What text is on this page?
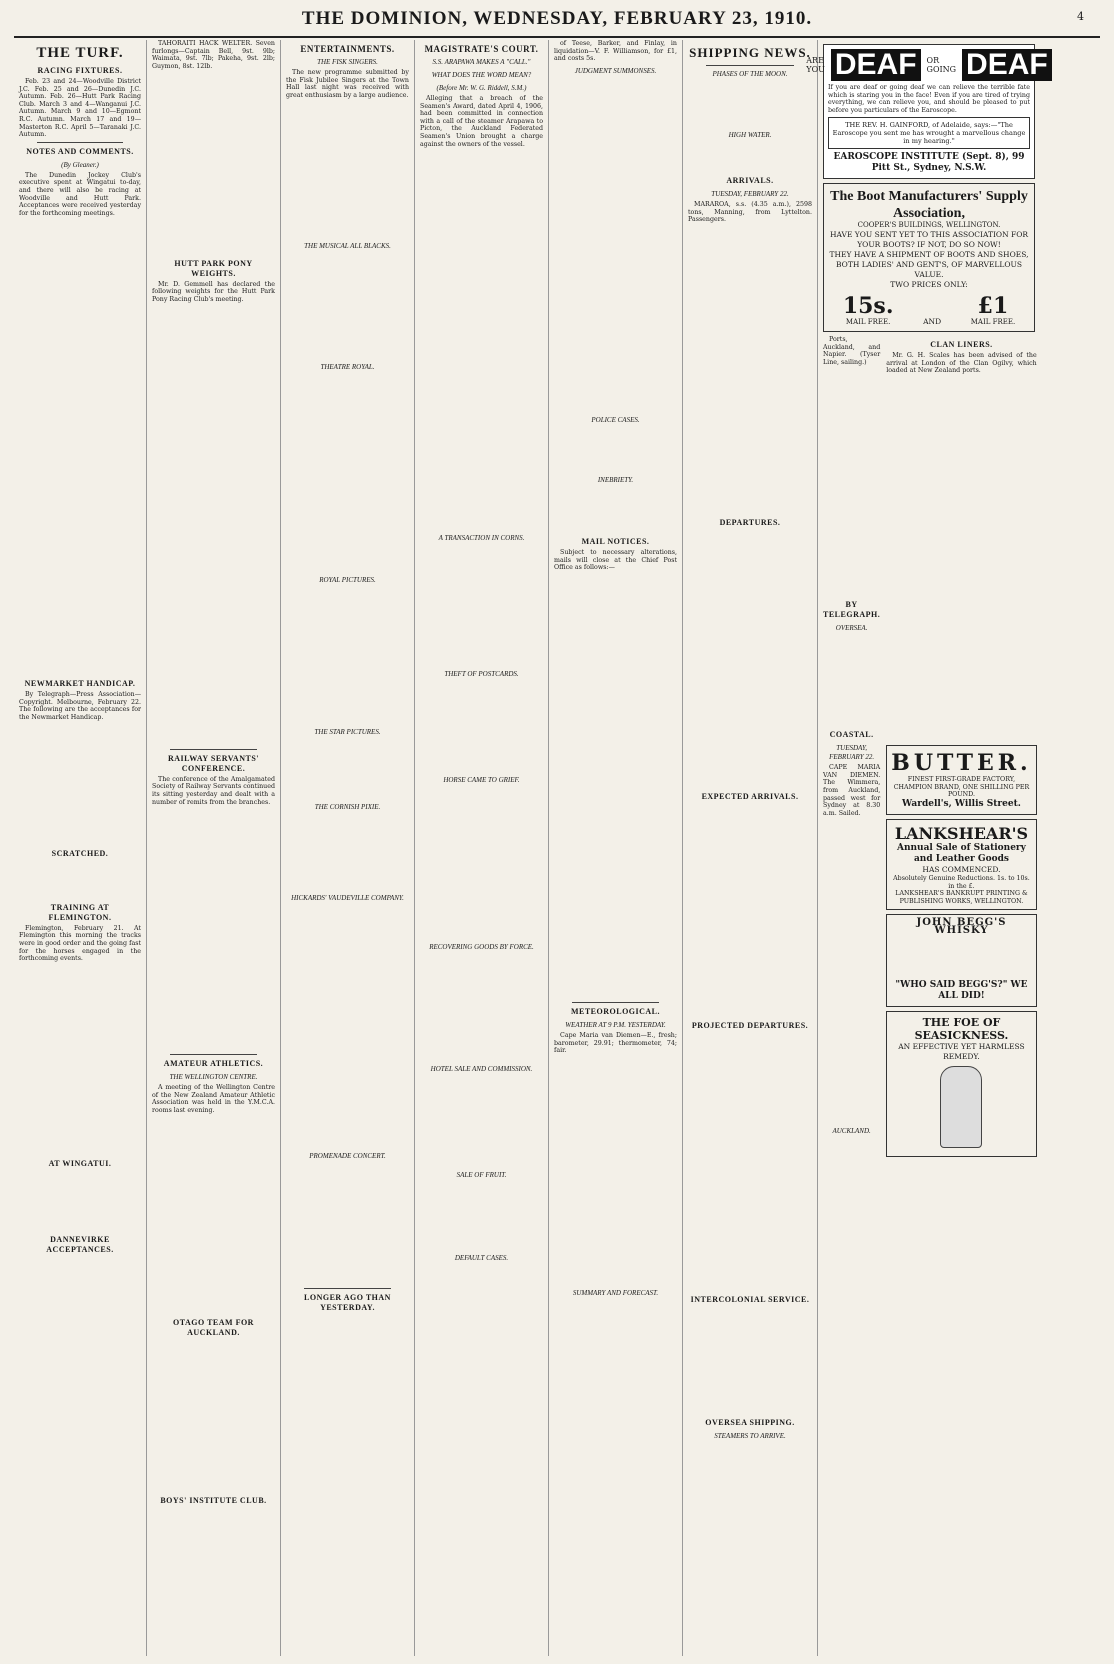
THE DOMINION, WEDNESDAY, FEBRUARY 23, 1910.	4
THE TURF.
RACING FIXTURES.

Feb. 23 and 24—Woodville District J.C. Feb. 25 and 26—Dunedin J.C. Autumn. Feb. 26—Hutt Park Racing Club. March 3 and 4—Wanganui J.C. Autumn. March 9 and 10—Egmont R.C. Autumn. March 17 and 19—Masterton R.C. April 5—Taranaki J.C. Autumn.

NOTES AND COMMENTS.
(By Gleaner.)

The Dunedin Jockey Club's executive spent at Wingatui to-day, and there will also be racing at Woodville and Hutt Park. Acceptances were received yesterday for the forthcoming meetings.

NEWMARKET HANDICAP.

By Telegraph—Press Association—Copyright. Melbourne, February 22. The following are the acceptances for the Newmarket Handicap.

SCRATCHED.
TRAINING AT FLEMINGTON.

Flemington, February 21. At Flemington this morning the tracks were in good order and the going fast for the horses engaged in the forthcoming events.

AT WINGATUI.
DANNEVIRKE ACCEPTANCES.

TAHORAITI HACK WELTER. Seven furlongs—Captain Bell, 9st. 9lb; Waimata, 9st. 7lb; Pakeha, 9st. 2lb; Guymon, 8st. 12lb.

HUTT PARK PONY WEIGHTS.

Mr. D. Gemmell has declared the following weights for the Hutt Park Pony Racing Club's meeting.

RAILWAY SERVANTS' CONFERENCE.

The conference of the Amalgamated Society of Railway Servants continued its sitting yesterday and dealt with a number of remits from the branches.

AMATEUR ATHLETICS.
THE WELLINGTON CENTRE.

A meeting of the Wellington Centre of the New Zealand Amateur Athletic Association was held in the Y.M.C.A. rooms last evening.

OTAGO TEAM FOR AUCKLAND.
BOYS' INSTITUTE CLUB.
ENTERTAINMENTS.
THE FISK SINGERS.

The new programme submitted by the Fisk Jubilee Singers at the Town Hall last night was received with great enthusiasm by a large audience.

THE MUSICAL ALL BLACKS.
THEATRE ROYAL.
ROYAL PICTURES.
THE STAR PICTURES.
THE CORNISH PIXIE.
HICKARDS' VAUDEVILLE COMPANY.
PROMENADE CONCERT.
LONGER AGO THAN YESTERDAY.
MAGISTRATE'S COURT.
S.S. ARAPAWA MAKES A "CALL."
WHAT DOES THE WORD MEAN?
(Before Mr. W. G. Riddell, S.M.)

Alleging that a breach of the Seamen's Award, dated April 4, 1906, had been committed in connection with a call of the steamer Arapawa to Picton, the Auckland Federated Seamen's Union brought a charge against the owners of the vessel.

A TRANSACTION IN CORNS.
THEFT OF POSTCARDS.
HORSE CAME TO GRIEF.
RECOVERING GOODS BY FORCE.
HOTEL SALE AND COMMISSION.
SALE OF FRUIT.
DEFAULT CASES.

of Teese, Barker, and Finlay, in liquidation—V. F. Williamson, for £1, and costs 5s.

JUDGMENT SUMMONSES.
POLICE CASES.
INEBRIETY.
MAIL NOTICES.

Subject to necessary alterations, mails will close at the Chief Post Office as follows:—

METEOROLOGICAL.
WEATHER AT 9 P.M. YESTERDAY.

Cape Maria van Diemen—E., fresh; barometer, 29.91; thermometer, 74; fair.

SUMMARY AND FORECAST.
SHIPPING NEWS.
PHASES OF THE MOON.
HIGH WATER.
ARRIVALS.
TUESDAY, FEBRUARY 22.

MARAROA, s.s. (4.35 a.m.), 2598 tons, Manning, from Lyttelton. Passengers.

DEPARTURES.
EXPECTED ARRIVALS.
PROJECTED DEPARTURES.
INTERCOLONIAL SERVICE.
OVERSEA SHIPPING.
STEAMERS TO ARRIVE.
ARE
YOU DEAF	OR
GOING DEAF
If you are deaf or going deaf we can relieve the terrible fate which is staring you in the face! Even if you are tired of trying everything, we can relieve you, and should be pleased to put before you particulars of the Earoscope.
THE REV. H. GAINFORD, of Adelaide, says:—"The Earoscope you sent me has wrought a marvellous change in my hearing."
EAROSCOPE INSTITUTE (Sept. 8), 99 Pitt St., Sydney, N.S.W.
The Boot Manufacturers' Supply Association,
COOPER'S BUILDINGS, WELLINGTON.
HAVE YOU SENT YET TO THIS ASSOCIATION FOR YOUR BOOTS? IF NOT, DO SO NOW!
THEY HAVE A SHIPMENT OF BOOTS AND SHOES, BOTH LADIES' AND GENT'S, OF MARVELLOUS VALUE.
TWO PRICES ONLY:
15s.
MAIL FREE.	AND
£1
MAIL FREE.

Ports, Auckland, and Napier. (Tyser Line, sailing.)

BY TELEGRAPH.
OVERSEA.
COASTAL.
TUESDAY, FEBRUARY 22.

CAPE MARIA VAN DIEMEN. The Wimmera, from Auckland, passed west for Sydney at 8.30 a.m. Sailed.

AUCKLAND.
CLAN LINERS.

Mr. G. H. Scales has been advised of the arrival at London of the Clan Ogilvy, which loaded at New Zealand ports.

BUTTER.
FINEST FIRST-GRADE FACTORY, CHAMPION BRAND, ONE SHILLING PER POUND.
Wardell's, Willis Street.
LANKSHEAR'S
Annual Sale of Stationery and Leather Goods
HAS COMMENCED.
Absolutely Genuine Reductions. 1s. to 10s. in the £.
LANKSHEAR'S BANKRUPT PRINTING & PUBLISHING WORKS, WELLINGTON.
JOHN BEGG'S WHISKY
"WHO SAID BEGG'S?" WE ALL DID!
THE FOE OF SEASICKNESS.
AN EFFECTIVE YET HARMLESS REMEDY.
